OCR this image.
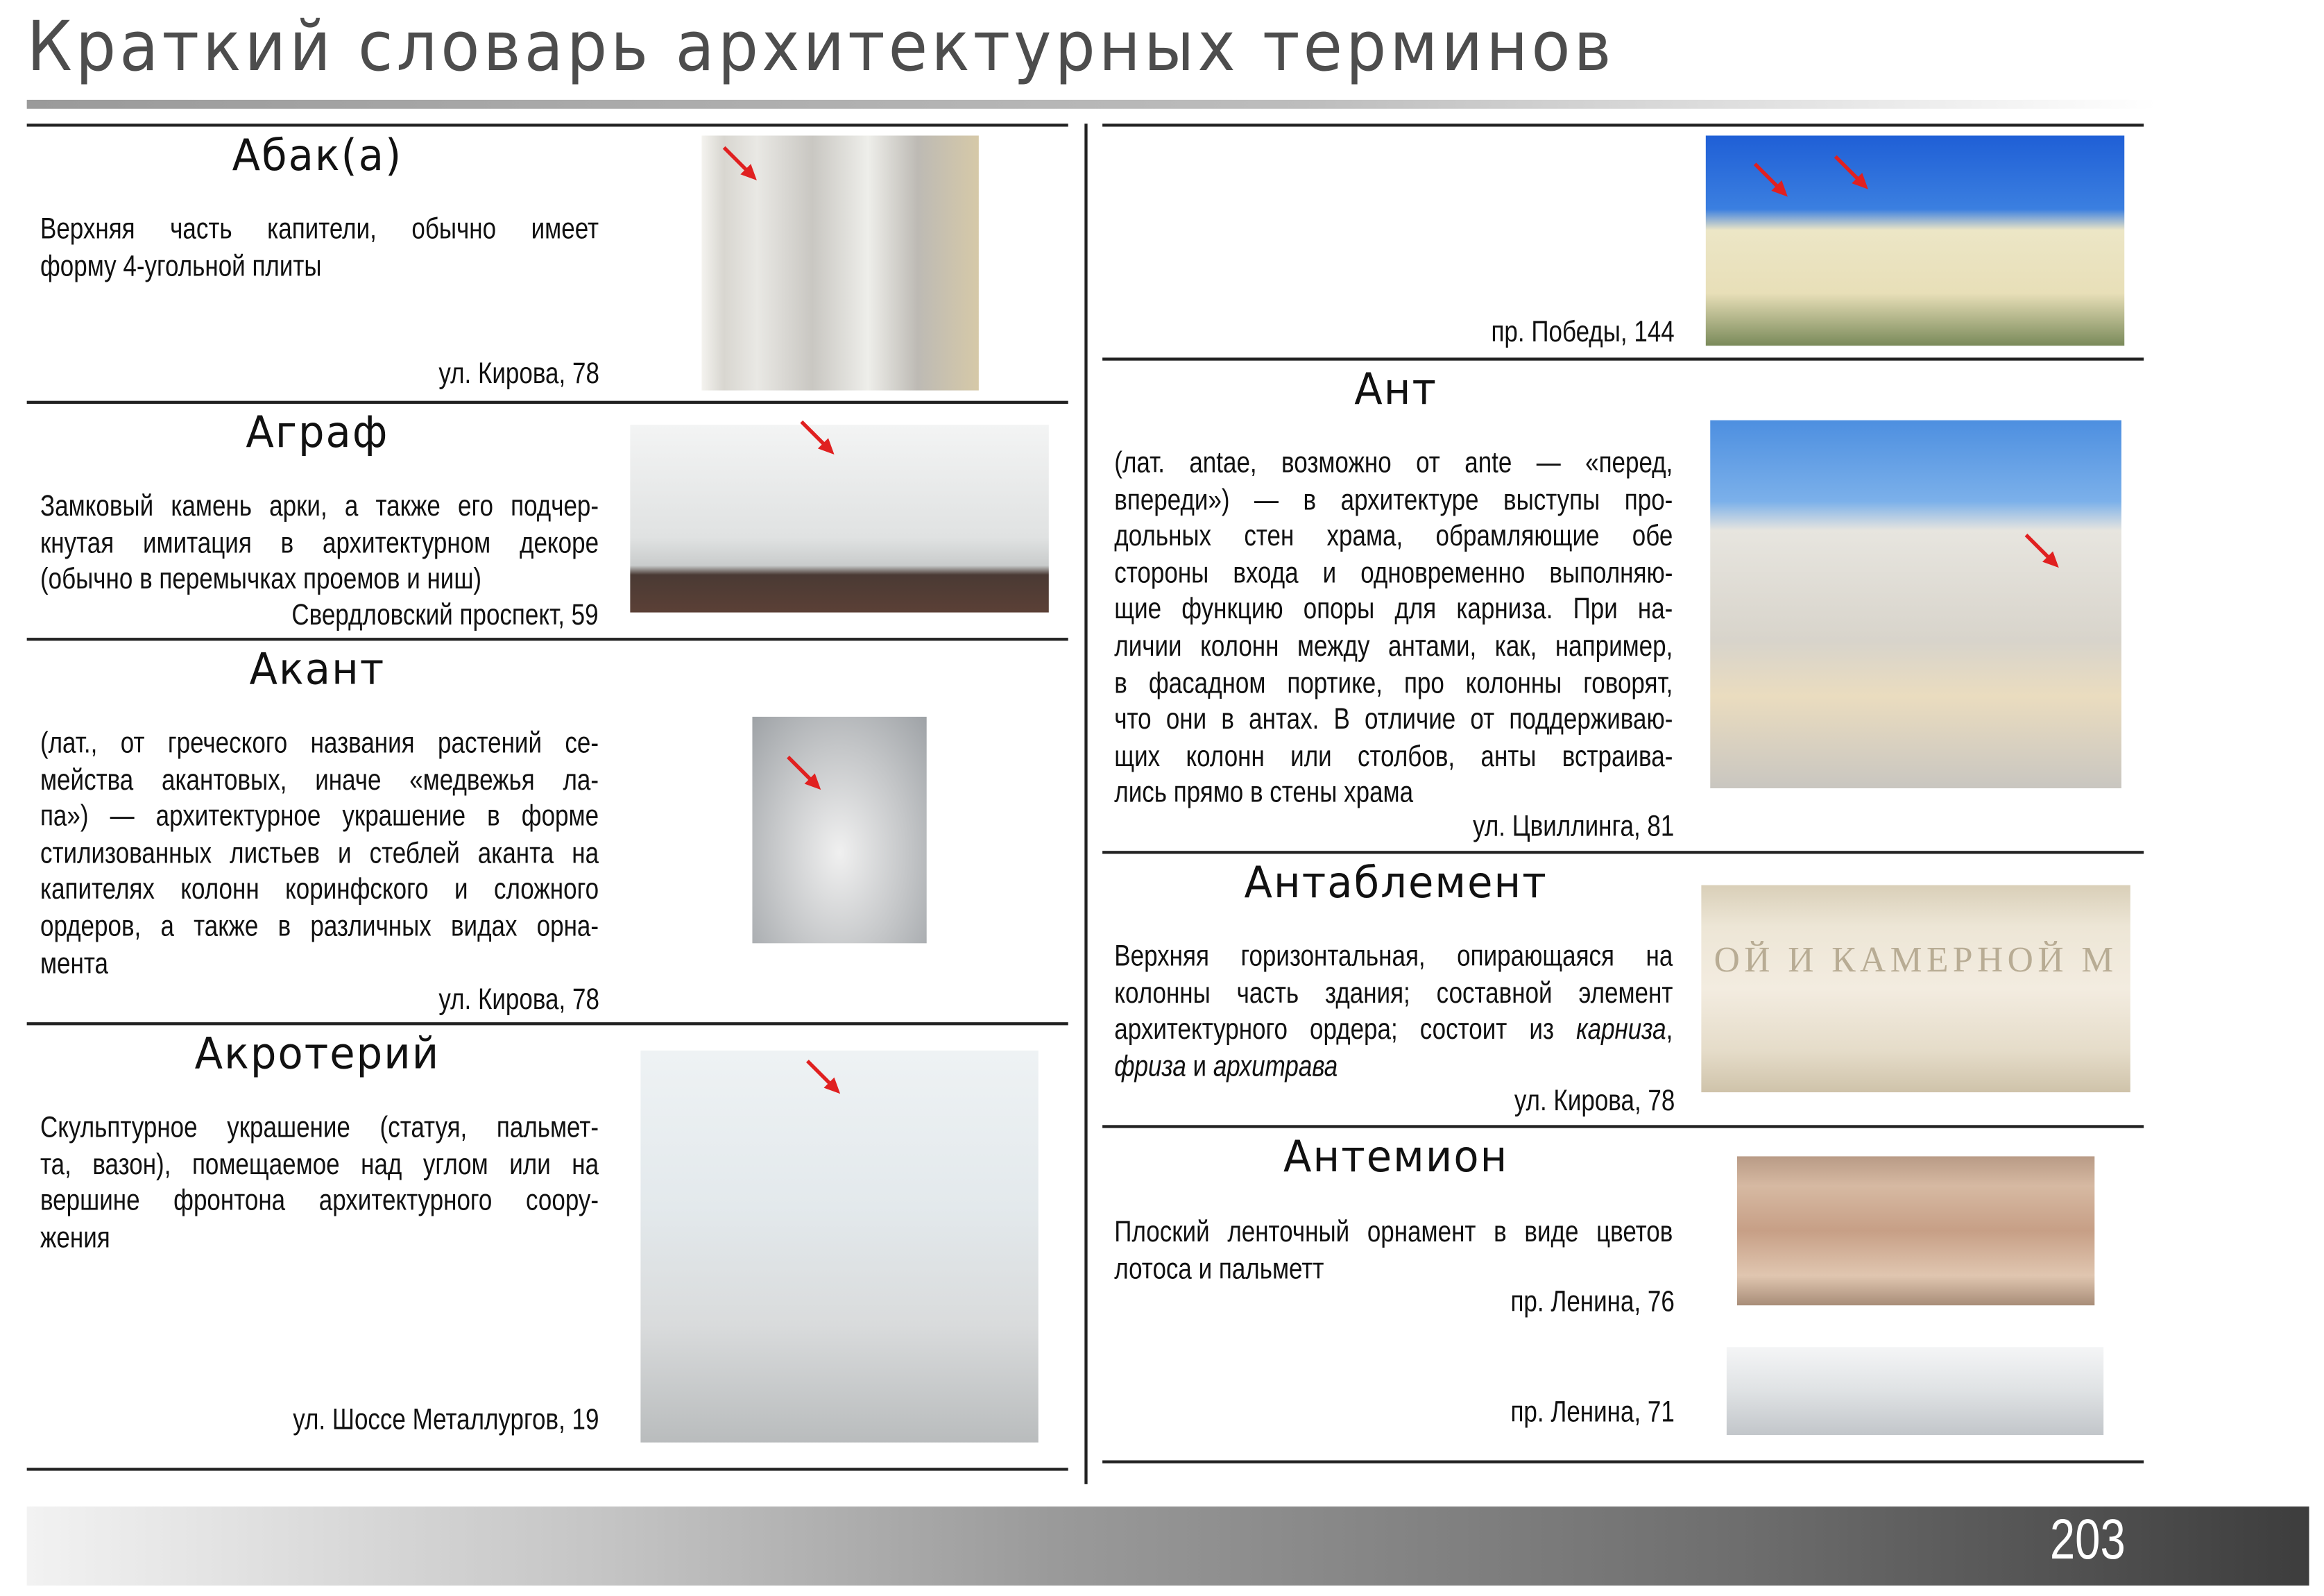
Краткий словарь архитектурных терминов
Абак(а)
Верхняя часть капители, обычно имеет
форму 4-угольной плиты
ул. Кирова, 78
Аграф
Замковый камень арки, а также его подчер-
кнутая имитация в архитектурном декоре
(обычно в перемычках проемов и ниш)
Свердловский проспект, 59
Акант
(лат., от греческого названия растений се-
мейства акантовых, иначе «медвежья ла-
па») — архитектурное украшение в форме
стилизованных листьев и стеблей аканта на
капителях колонн коринфского и сложного
ордеров, а также в различных видах орна-
мента
ул. Кирова, 78
Акротерий
Скульптурное украшение (статуя, пальмет-
та, вазон), помещаемое над углом или на
вершине фронтона архитектурного соору-
жения
ул. Шоссе Металлургов, 19
пр. Победы, 144
Ант
(лат. antae, возможно от ante — «перед,
впереди») — в архитектуре выступы про-
дольных стен храма, обрамляющие обе
стороны входа и одновременно выполняю-
щие функцию опоры для карниза. При на-
личии колонн между антами, как, например,
в фасадном портике, про колонны говорят,
что они в антах. В отличие от поддерживаю-
щих колонн или столбов, анты встраива-
лись прямо в стены храма
ул. Цвиллинга, 81
Антаблемент
Верхняя горизонтальная, опирающаяся на
колонны часть здания; составной элемент
архитектурного ордера; состоит из карниза,
фриза и архитрава
ул. Кирова, 78
ОЙ И КАМЕРНОЙ М
Антемион
Плоский ленточный орнамент в виде цветов
лотоса и пальметт
пр. Ленина, 76
пр. Ленина, 71
203
